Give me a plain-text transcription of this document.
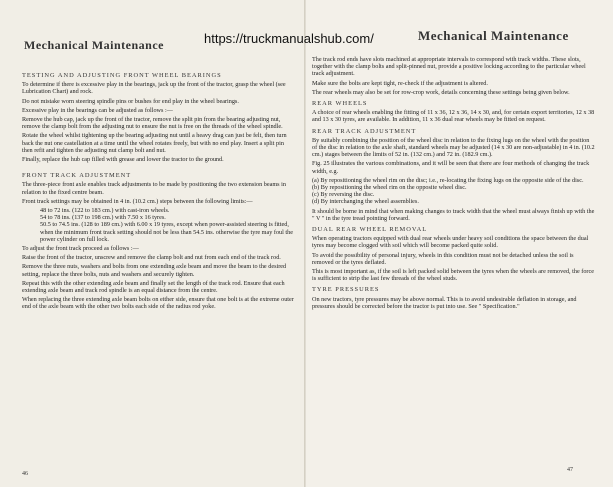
Mechanical Maintenance
TESTING AND ADJUSTING FRONT WHEEL BEARINGS

To determine if there is excessive play in the bearings, jack up the front of the tractor, grasp the wheel (see Lubrication Chart) and rock.

Do not mistake worn steering spindle pins or bushes for end play in the wheel bearings.

Excessive play in the bearings can be adjusted as follows :—

Remove the hub cap, jack up the front of the tractor, remove the split pin from the bearing adjusting nut, remove the clamp bolt from the adjusting nut to ensure the nut is free on the threads of the wheel spindle.

Rotate the wheel whilst tightening up the bearing adjusting nut until a heavy drag can just be felt, then turn back the nut one castellation at a time until the wheel rotates freely, but with no end play. Insert a split pin then refit and tighten the adjusting nut clamp bolt and nut.

Finally, replace the hub cap filled with grease and lower the tractor to the ground.

FRONT TRACK ADJUSTMENT

The three-piece front axle enables track adjustments to be made by positioning the two extension beams in relation to the fixed centre beam.

Front track settings may be obtained in 4 in. (10.2 cm.) steps between the following limits:—

48 to 72 ins. (122 to 183 cm.) with cast-iron wheels.
54 to 78 ins. (137 to 198 cm.) with 7.50 x 16 tyres.
50.5 to 74.5 ins. (128 to 189 cm.) with 6.00 x 19 tyres, except when power-assisted steering is fitted, when the minimum front track setting should not be less than 54.5 ins. otherwise the tyre may foul the power cylinder on full lock.

To adjust the front track proceed as follows :—

Raise the front of the tractor, unscrew and remove the clamp bolt and nut from each end of the track rod.

Remove the three nuts, washers and bolts from one extending axle beam and move the beam to the desired setting, replace the three bolts, nuts and washers and securely tighten.

Repeat this with the other extending axle beam and finally set the length of the track rod. Ensure that each extending axle beam and track rod spindle is an equal distance from the centre.

When replacing the three extending axle beam bolts on either side, ensure that one bolt is at the extreme outer end of the axle beam with the other two bolts each side of the radius rod yoke.

46
Mechanical Maintenance

The track rod ends have slots machined at appropriate intervals to correspond with track widths. These slots, together with the clamp bolts and split-pinned nut, provide a positive locking according to the particular wheel track adjustment.

Make sure the bolts are kept tight, re-check if the adjustment is altered.

The rear wheels may also be set for row-crop work, details concerning these settings being given below.

REAR WHEELS

A choice of rear wheels enabling the fitting of 11 x 36, 12 x 36, 14 x 30, and, for certain export territories, 12 x 38 and 13 x 30 tyres, are available. In addition, 11 x 36 dual rear wheels may be fitted on request.

REAR TRACK ADJUSTMENT

By suitably combining the position of the wheel disc in relation to the fixing lugs on the wheel with the position of the disc in relation to the axle shaft, standard wheels may be adjusted (14 x 30 are non-adjustable) in 4 in. (10.2 cm.) stages between the limits of 52 in. (132 cm.) and 72 in. (182.9 cm.).

Fig. 25 illustrates the various combinations, and it will be seen that there are four methods of changing the track width, e.g.

(a) By repositioning the wheel rim on the disc; i.e., re-locating the fixing lugs on the opposite side of the disc.
(b) By repositioning the wheel rim on the opposite wheel disc.
(c) By reversing the disc.
(d) By interchanging the wheel assemblies.

It should be borne in mind that when making changes to track width that the wheel must always finish up with the " V " in the tyre tread pointing forward.

DUAL REAR WHEEL REMOVAL

When operating tractors equipped with dual rear wheels under heavy soil conditions the space between the dual tyres may become clogged with soil which will become packed quite solid.

To avoid the possibility of personal injury, wheels in this condition must not be detached unless the soil is removed or the tyres deflated.

This is most important as, if the soil is left packed solid between the tyres when the wheels are removed, the force is sufficient to strip the last few threads of the wheel studs.

TYRE PRESSURES

On new tractors, tyre pressures may be above normal. This is to avoid undesirable deflation in storage, and pressures should be corrected before the tractor is put into use. See " Specification."

47
https://truckmanualshub.com/
